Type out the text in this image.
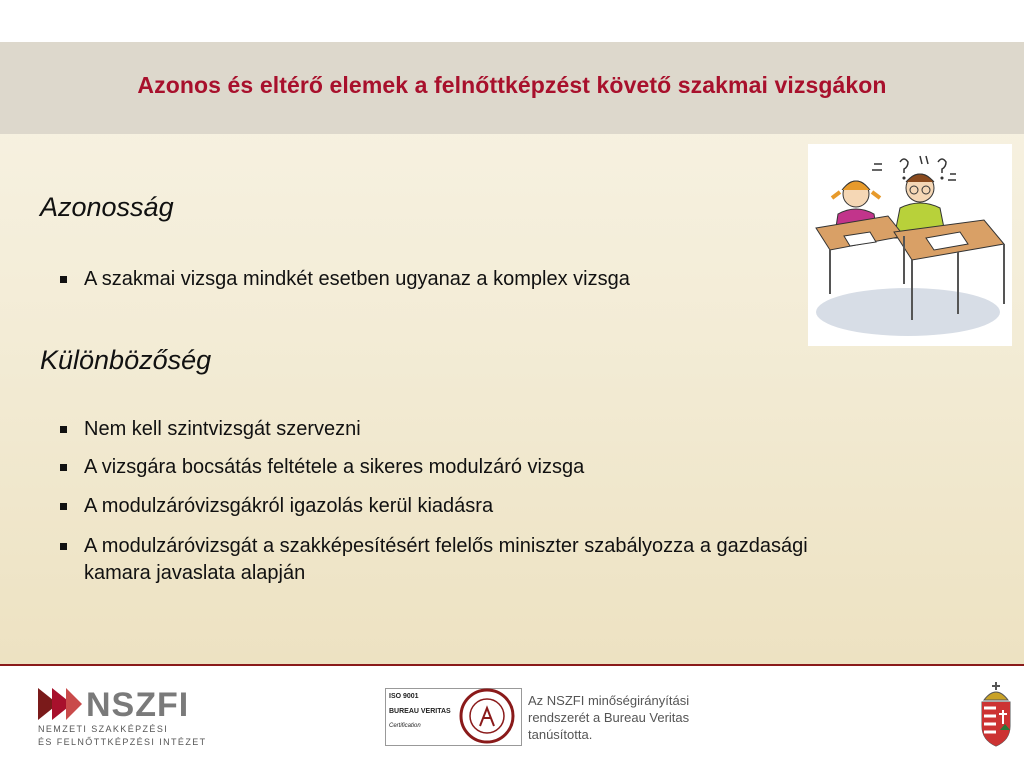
Azonos és eltérő elemek a felnőttképzést követő szakmai vizsgákon
Azonosság
A szakmai vizsga mindkét esetben ugyanaz a komplex vizsga
Különbözőség
Nem kell szintvizsgát szervezni
A vizsgára bocsátás feltétele a sikeres modulzáró vizsga
A modulzáróvizsgákról igazolás kerül kiadásra
A modulzáróvizsgát a szakképesítésért felelős miniszter szabályozza a gazdasági kamara javaslata alapján
NSZFI
NEMZETI SZAKKÉPZÉSI
ÉS FELNŐTTKÉPZÉSI INTÉZET
ISO 9001
BUREAU VERITAS
Certification
Az NSZFI minőségirányítási rendszerét a Bureau Veritas tanúsította.
